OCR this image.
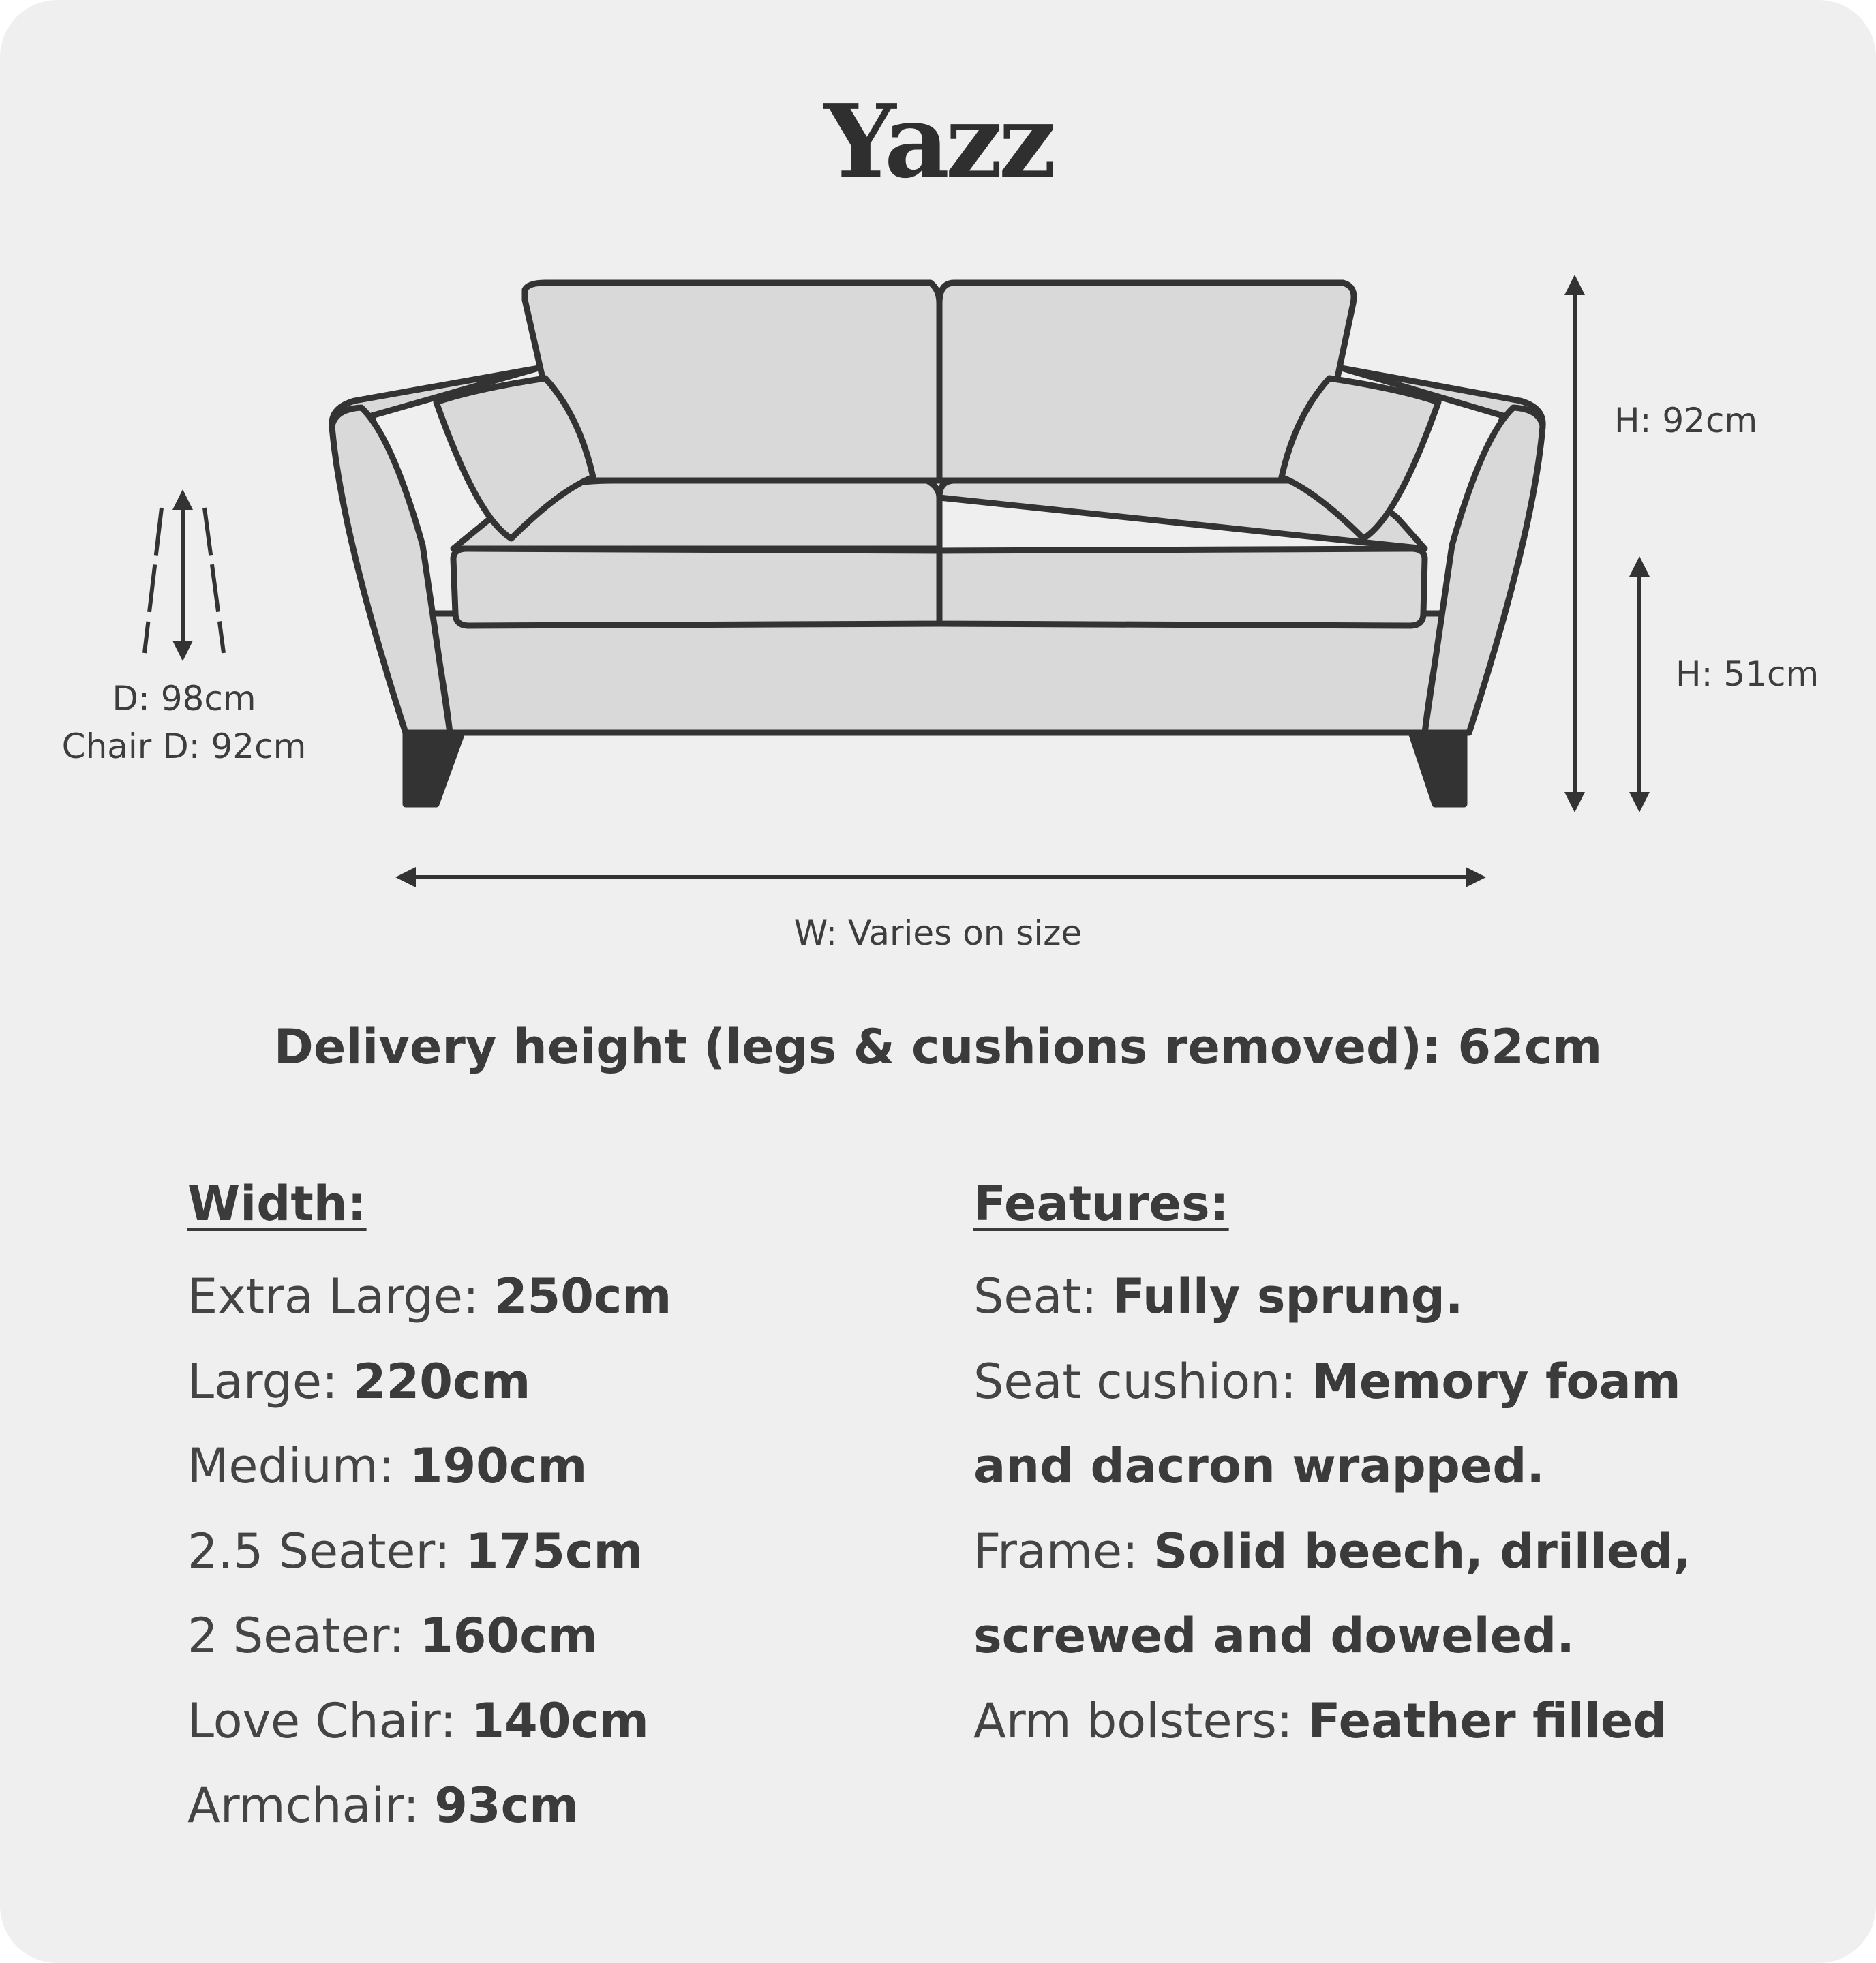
Yazz
H: 92cm
H: 51cm
D: 98cm
Chair D: 92cm
W: Varies on size
Delivery height (legs & cushions removed): 62cm
Width:
Extra Large: 250cm
Large: 220cm
Medium: 190cm
2.5 Seater: 175cm
2 Seater: 160cm
Love Chair: 140cm
Armchair: 93cm
Features:
Seat: Fully sprung.
Seat cushion: Memory foam
and dacron wrapped.
Frame: Solid beech, drilled,
screwed and doweled.
Arm bolsters: Feather filled
